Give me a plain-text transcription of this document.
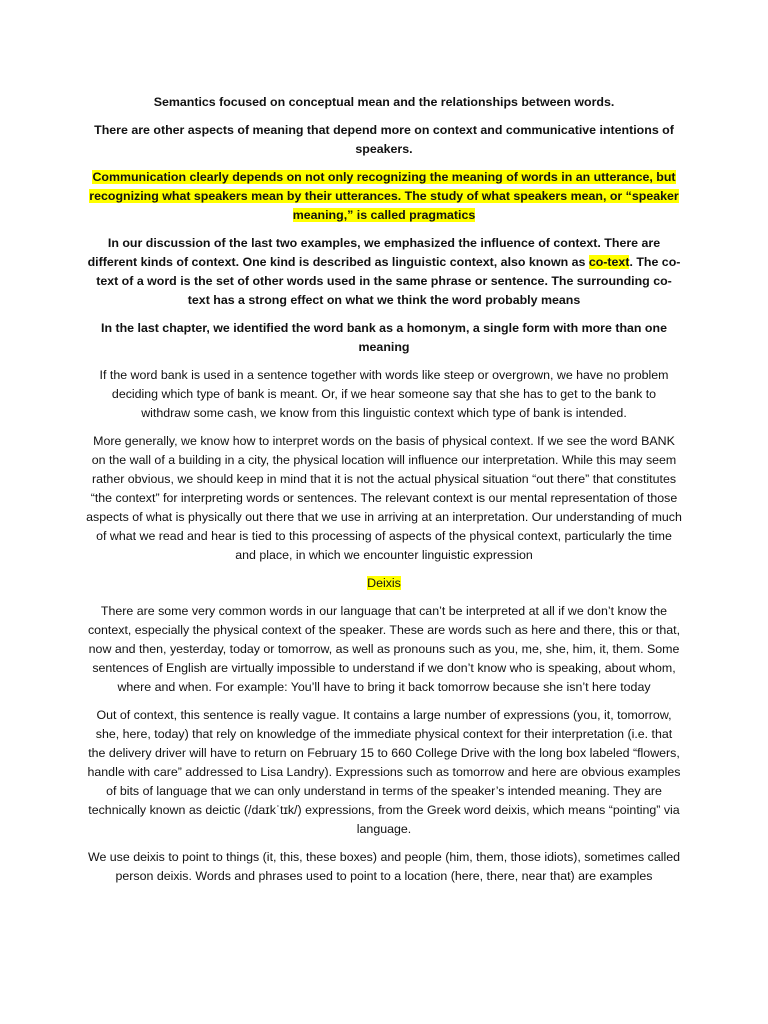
Semantics focused on conceptual mean and the relationships between words.

There are other aspects of meaning that depend more on context and communicative intentions of speakers.

Communication clearly depends on not only recognizing the meaning of words in an utterance, but recognizing what speakers mean by their utterances. The study of what speakers mean, or “speaker meaning,” is called pragmatics

In our discussion of the last two examples, we emphasized the influence of context. There are different kinds of context. One kind is described as linguistic context, also known as co-text. The co-text of a word is the set of other words used in the same phrase or sentence. The surrounding co-text has a strong effect on what we think the word probably means

In the last chapter, we identified the word bank as a homonym, a single form with more than one meaning

If the word bank is used in a sentence together with words like steep or overgrown, we have no problem deciding which type of bank is meant. Or, if we hear someone say that she has to get to the bank to withdraw some cash, we know from this linguistic context which type of bank is intended.

More generally, we know how to interpret words on the basis of physical context. If we see the word BANK on the wall of a building in a city, the physical location will influence our interpretation. While this may seem rather obvious, we should keep in mind that it is not the actual physical situation “out there” that constitutes “the context” for interpreting words or sentences. The relevant context is our mental representation of those aspects of what is physically out there that we use in arriving at an interpretation. Our understanding of much of what we read and hear is tied to this processing of aspects of the physical context, particularly the time and place, in which we encounter linguistic expression

Deixis

There are some very common words in our language that can’t be interpreted at all if we don’t know the context, especially the physical context of the speaker. These are words such as here and there, this or that, now and then, yesterday, today or tomorrow, as well as pronouns such as you, me, she, him, it, them. Some sentences of English are virtually impossible to understand if we don’t know who is speaking, about whom, where and when. For example: You’ll have to bring it back tomorrow because she isn’t here today

Out of context, this sentence is really vague. It contains a large number of expressions (you, it, tomorrow, she, here, today) that rely on knowledge of the immediate physical context for their interpretation (i.e. that the delivery driver will have to return on February 15 to 660 College Drive with the long box labeled “flowers, handle with care” addressed to Lisa Landry). Expressions such as tomorrow and here are obvious examples of bits of language that we can only understand in terms of the speaker’s intended meaning. They are technically known as deictic (/daɪkˈtɪk/) expressions, from the Greek word deixis, which means “pointing” via language.

We use deixis to point to things (it, this, these boxes) and people (him, them, those idiots), sometimes called person deixis. Words and phrases used to point to a location (here, there, near that) are examples
